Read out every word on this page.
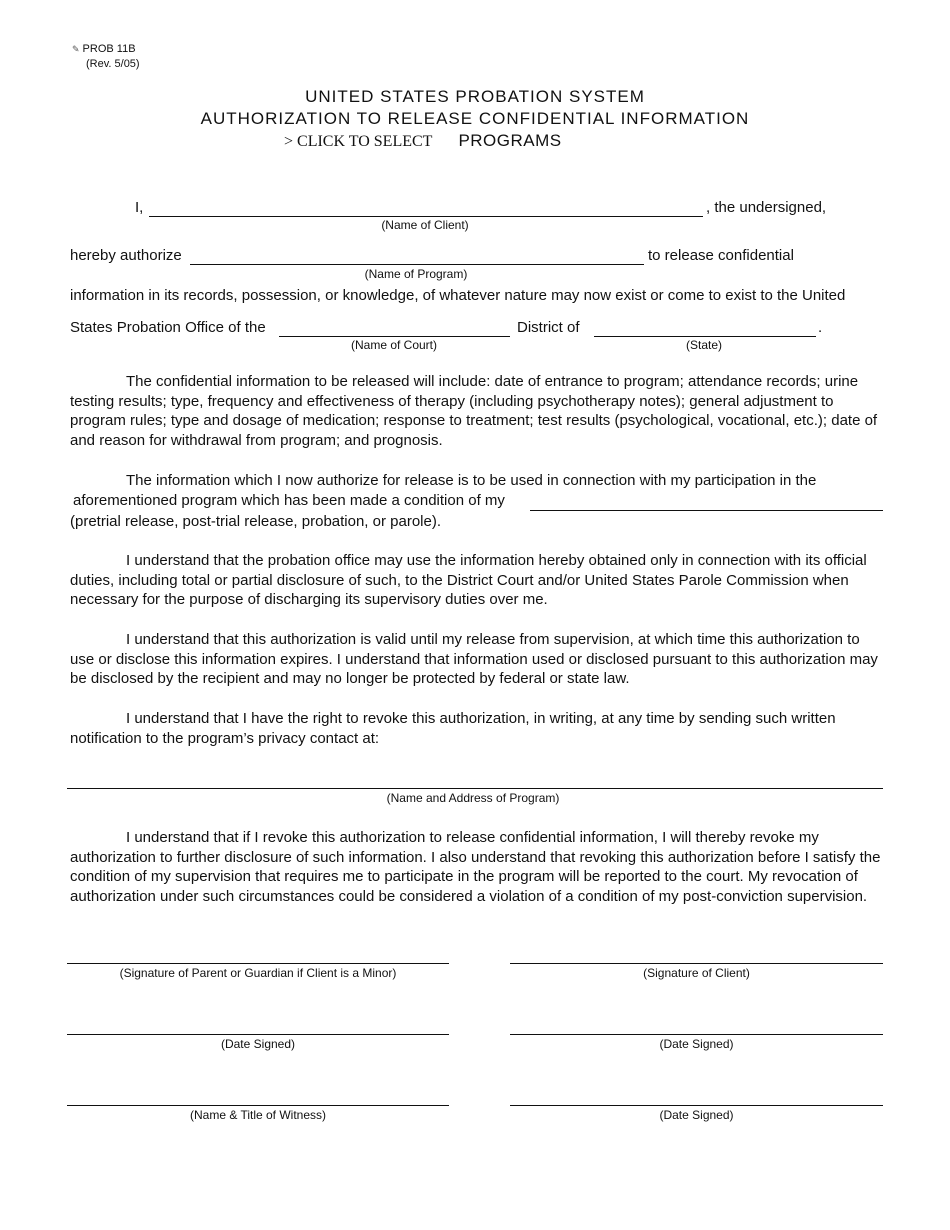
✎ PROB 11B
(Rev. 5/05)
UNITED STATES PROBATION SYSTEM
AUTHORIZATION TO RELEASE CONFIDENTIAL INFORMATION
> CLICK TO SELECT PROGRAMS
I,	, the undersigned,
(Name of Client)
hereby authorize	to release confidential
(Name of Program)
information in its records, possession, or knowledge, of whatever nature may now exist or come to exist to the United
States Probation Office of the	District of	.
(Name of Court)	(State)
The confidential information to be released will include: date of entrance to program; attendance records; urine testing results; type, frequency and effectiveness of therapy (including psychotherapy notes); general adjustment to program rules; type and dosage of medication; response to treatment; test results (psychological, vocational, etc.); date of and reason for withdrawal from program; and prognosis.
The information which I now authorize for release is to be used in connection with my participation in the
aforementioned program which has been made a condition of my
(pretrial release, post-trial release, probation, or parole).
I understand that the probation office may use the information hereby obtained only in connection with its official duties, including total or partial disclosure of such, to the District Court and/or United States Parole Commission when necessary for the purpose of discharging its supervisory duties over me.
I understand that this authorization is valid until my release from supervision, at which time this authorization to use or disclose this information expires. I understand that information used or disclosed pursuant to this authorization may be disclosed by the recipient and may no longer be protected by federal or state law.
I understand that I have the right to revoke this authorization, in writing, at any time by sending such written notification to the program’s privacy contact at:
(Name and Address of Program)
I understand that if I revoke this authorization to release confidential information, I will thereby revoke my authorization to further disclosure of such information. I also understand that revoking this authorization before I satisfy the condition of my supervision that requires me to participate in the program will be reported to the court. My revocation of authorization under such circumstances could be considered a violation of a condition of my post-conviction supervision.
(Signature of Parent or Guardian if Client is a Minor)	(Signature of Client)
(Date Signed)	(Date Signed)
(Name & Title of Witness)	(Date Signed)
